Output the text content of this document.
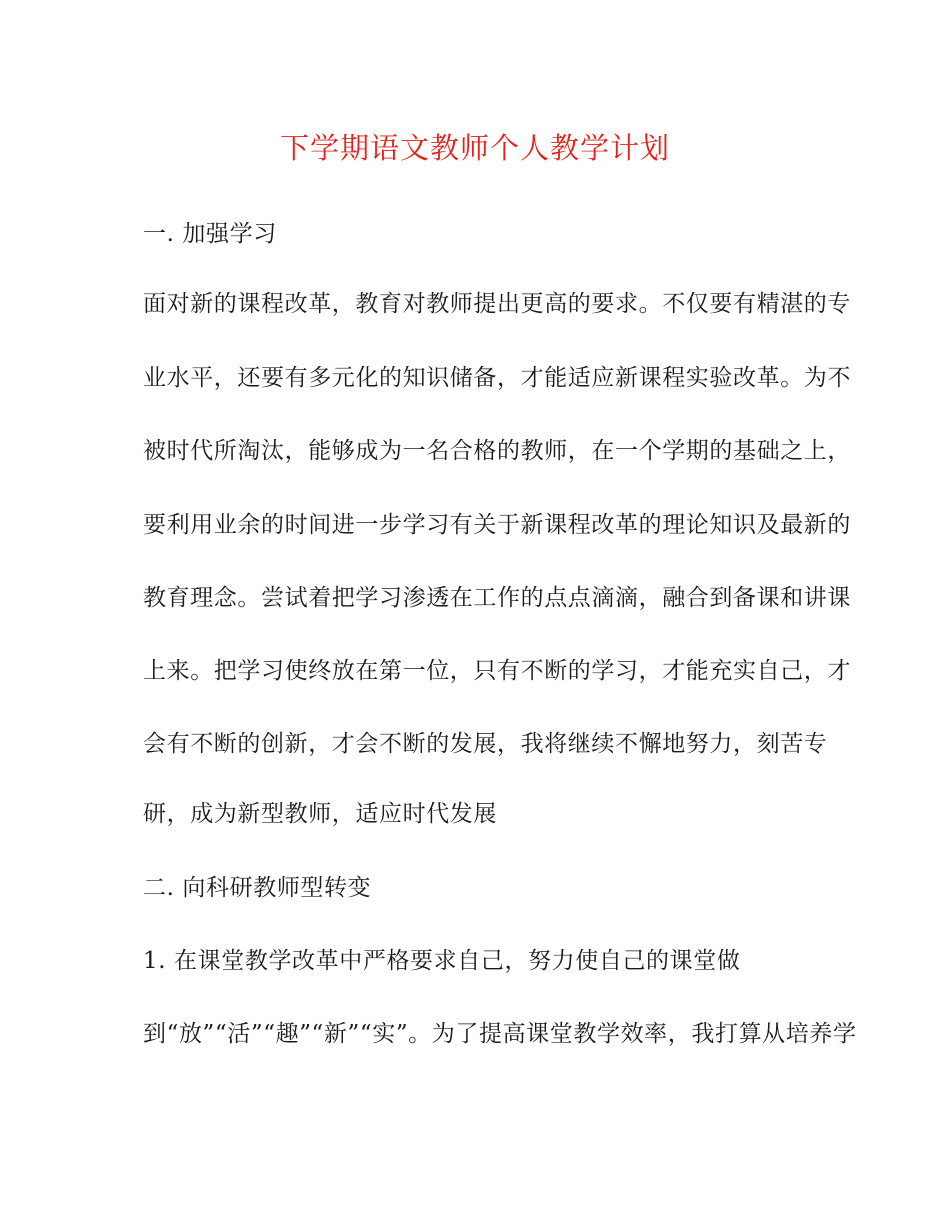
下学期语文教师个人教学计划
一. 加强学习
面对新的课程改革，教育对教师提出更高的要求。不仅要有精湛的专
业水平，还要有多元化的知识储备，才能适应新课程实验改革。为不
被时代所淘汰，能够成为一名合格的教师，在一个学期的基础之上，
要利用业余的时间进一步学习有关于新课程改革的理论知识及最新的
教育理念。尝试着把学习渗透在工作的点点滴滴，融合到备课和讲课
上来。把学习使终放在第一位，只有不断的学习，才能充实自己，才
会有不断的创新，才会不断的发展，我将继续不懈地努力，刻苦专
研，成为新型教师，适应时代发展
二. 向科研教师型转变
1. 在课堂教学改革中严格要求自己，努力使自己的课堂做
到“放”“活”“趣”“新”“实”。为了提高课堂教学效率，我打算从培养学
